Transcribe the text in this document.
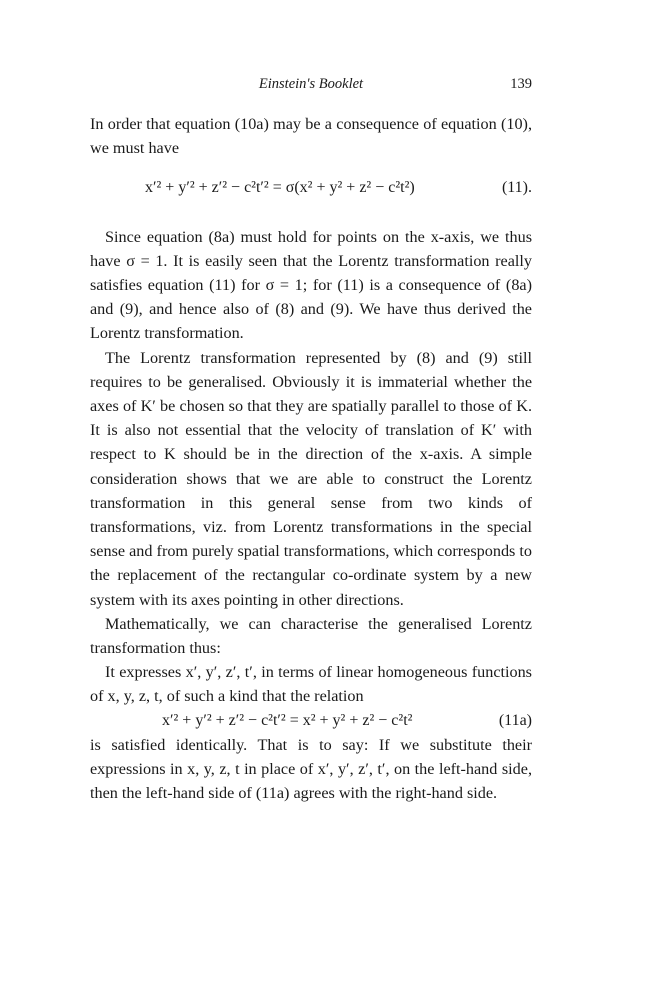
Einstein's Booklet	139

In order that equation (10a) may be a consequence of equation (10), we must have

x′² + y′² + z′² − c²t′² = σ(x² + y² + z² − c²t²)	(11).

Since equation (8a) must hold for points on the x-axis, we thus have σ = 1. It is easily seen that the Lorentz transformation really satisfies equation (11) for σ = 1; for (11) is a consequence of (8a) and (9), and hence also of (8) and (9). We have thus derived the Lorentz transformation.

The Lorentz transformation represented by (8) and (9) still requires to be generalised. Obviously it is immaterial whether the axes of K′ be chosen so that they are spatially parallel to those of K. It is also not essential that the velocity of translation of K′ with respect to K should be in the direction of the x-axis. A simple consideration shows that we are able to construct the Lorentz transformation in this general sense from two kinds of transformations, viz. from Lorentz transformations in the special sense and from purely spatial transformations, which corresponds to the replacement of the rectangular co-ordinate system by a new system with its axes pointing in other directions.

Mathematically, we can characterise the generalised Lorentz transformation thus:

It expresses x′, y′, z′, t′, in terms of linear homogeneous functions of x, y, z, t, of such a kind that the relation

x′² + y′² + z′² − c²t′² = x² + y² + z² − c²t²	(11a)

is satisfied identically. That is to say: If we substitute their expressions in x, y, z, t in place of x′, y′, z′, t′, on the left-hand side, then the left-hand side of (11a) agrees with the right-hand side.
